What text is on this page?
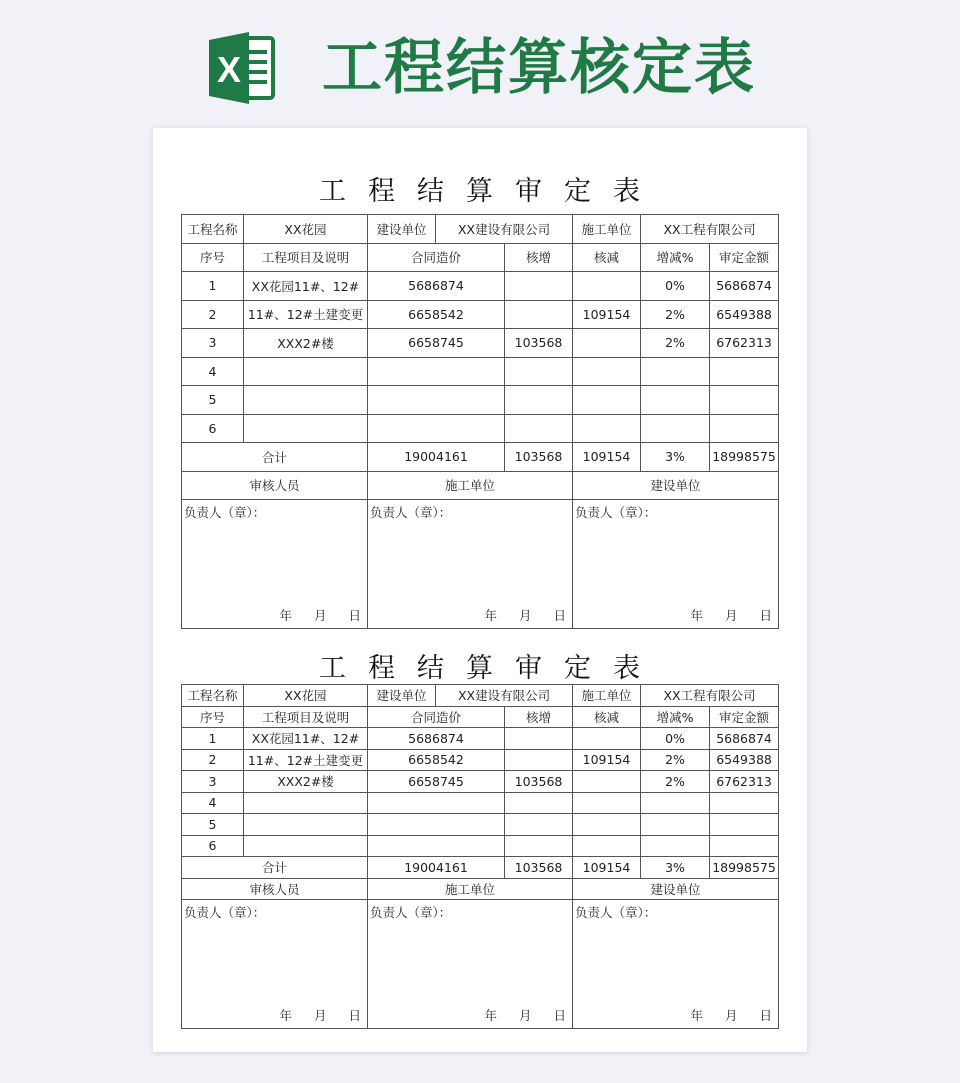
X 工程结算核定表
工程结算审定表
工程名称	XX花园	建设单位	XX建设有限公司		施工单位	XX工程有限公司	
序号	工程项目及说明	合同造价		核增	核减	增减%	审定金额
1	XX花园11#、12#	5686874				0%	5686874
2	11#、12#土建变更	6658542			109154	2%	6549388
3	XXX2#楼	6658745		103568		2%	6762313
4							
5							
6							
合计		19004161		103568	109154	3%	18998575
审核人员		施工单位			建设单位		

负责人（章）：
年 月 日		负责人（章）：
年 月 日			负责人（章）：
年 月 日		
工程结算审定表
工程名称	XX花园	建设单位	XX建设有限公司		施工单位	XX工程有限公司	
序号	工程项目及说明	合同造价		核增	核减	增减%	审定金额
1	XX花园11#、12#	5686874				0%	5686874
2	11#、12#土建变更	6658542			109154	2%	6549388
3	XXX2#楼	6658745		103568		2%	6762313
4							
5							
6							
合计		19004161		103568	109154	3%	18998575
审核人员		施工单位			建设单位		

负责人（章）：
年 月 日		负责人（章）：
年 月 日			负责人（章）：
年 月 日		
